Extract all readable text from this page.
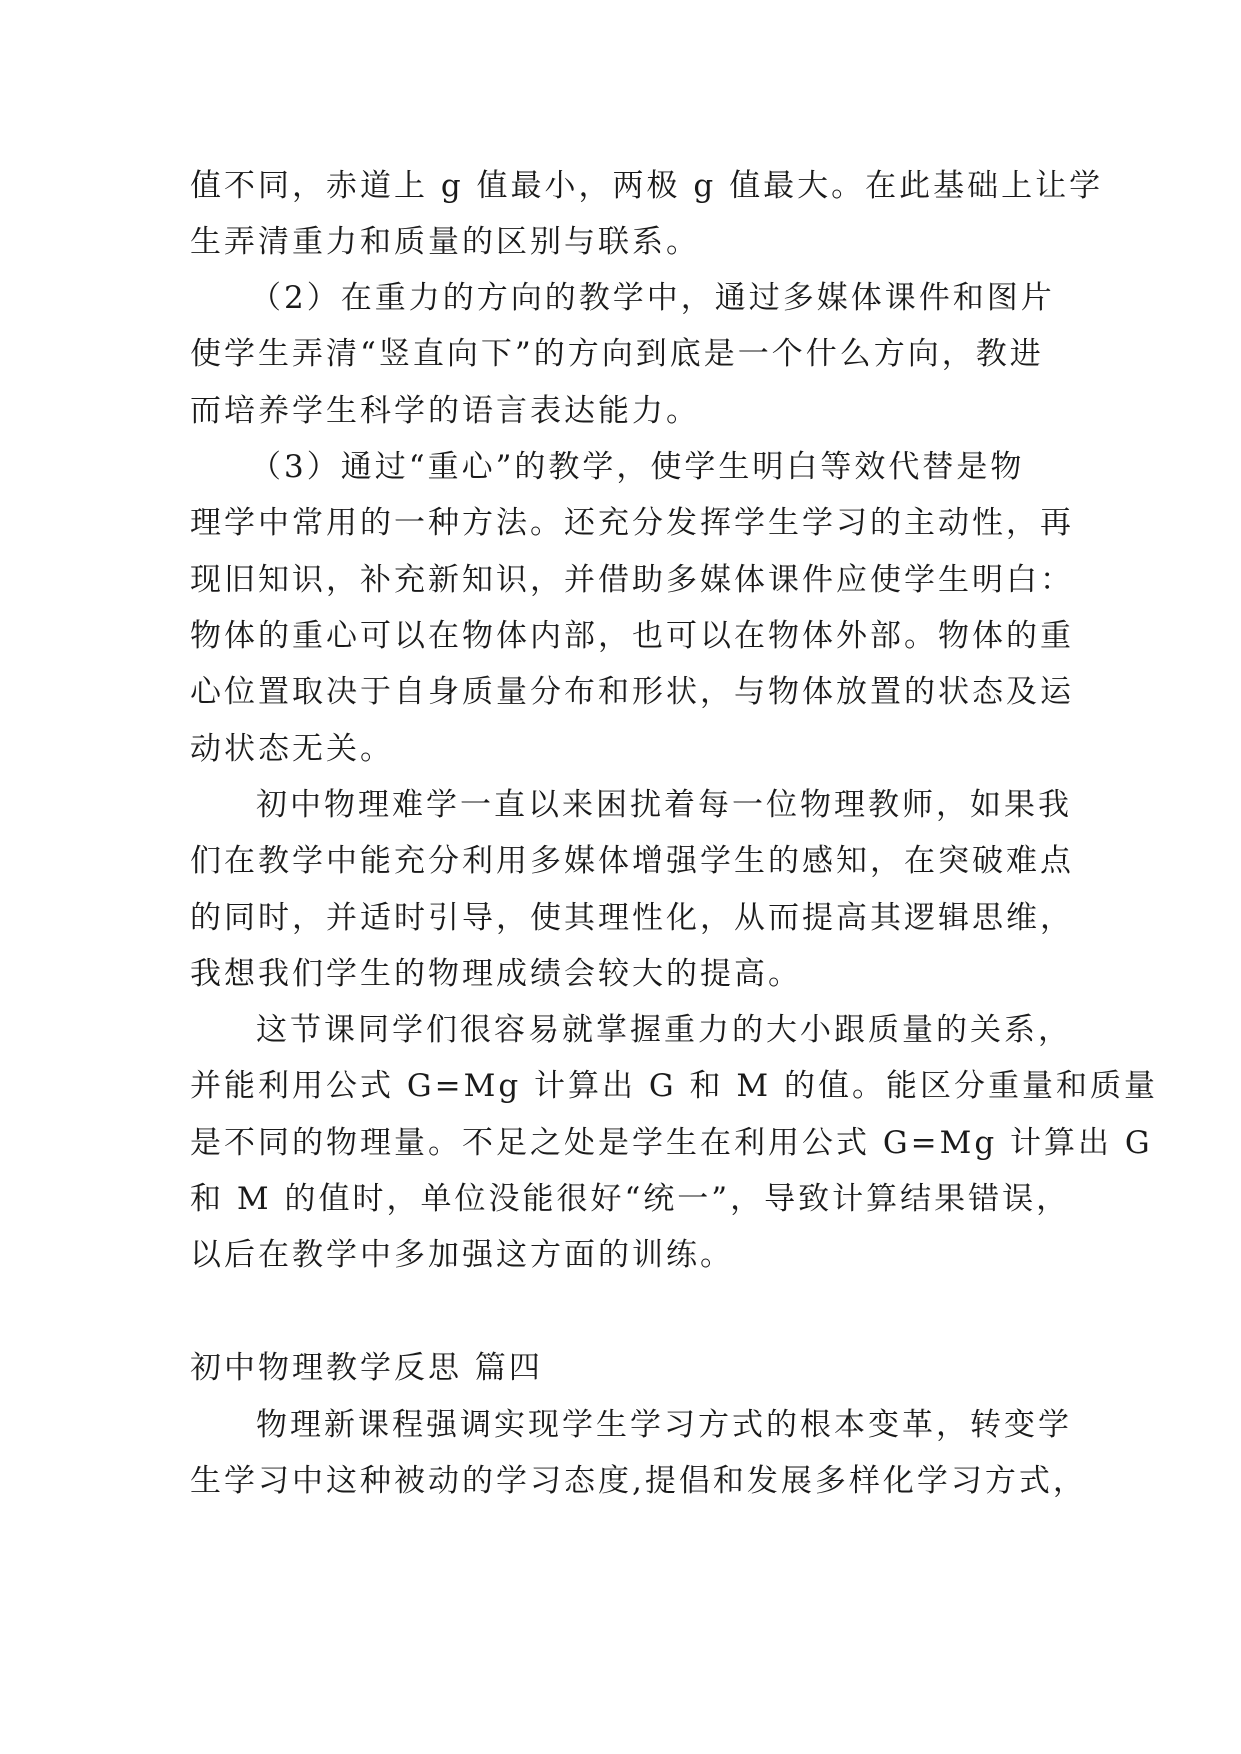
值不同，赤道上 g 值最小，两极 g 值最大。在此基础上让学
生弄清重力和质量的区别与联系。
（2）在重力的方向的教学中，通过多媒体课件和图片
使学生弄清“竖直向下”的方向到底是一个什么方向，教进
而培养学生科学的语言表达能力。
（3）通过“重心”的教学，使学生明白等效代替是物
理学中常用的一种方法。还充分发挥学生学习的主动性，再
现旧知识，补充新知识，并借助多媒体课件应使学生明白：
物体的重心可以在物体内部，也可以在物体外部。物体的重
心位置取决于自身质量分布和形状，与物体放置的状态及运
动状态无关。
初中物理难学一直以来困扰着每一位物理教师，如果我
们在教学中能充分利用多媒体增强学生的感知，在突破难点
的同时，并适时引导，使其理性化，从而提高其逻辑思维，
我想我们学生的物理成绩会较大的提高。
这节课同学们很容易就掌握重力的大小跟质量的关系，
并能利用公式 G=Mg 计算出 G 和 M 的值。能区分重量和质量
是不同的物理量。不足之处是学生在利用公式 G=Mg 计算出 G
和 M 的值时，单位没能很好“统一”，导致计算结果错误，
以后在教学中多加强这方面的训练。
初中物理教学反思 篇四
物理新课程强调实现学生学习方式的根本变革，转变学
生学习中这种被动的学习态度,提倡和发展多样化学习方式，
